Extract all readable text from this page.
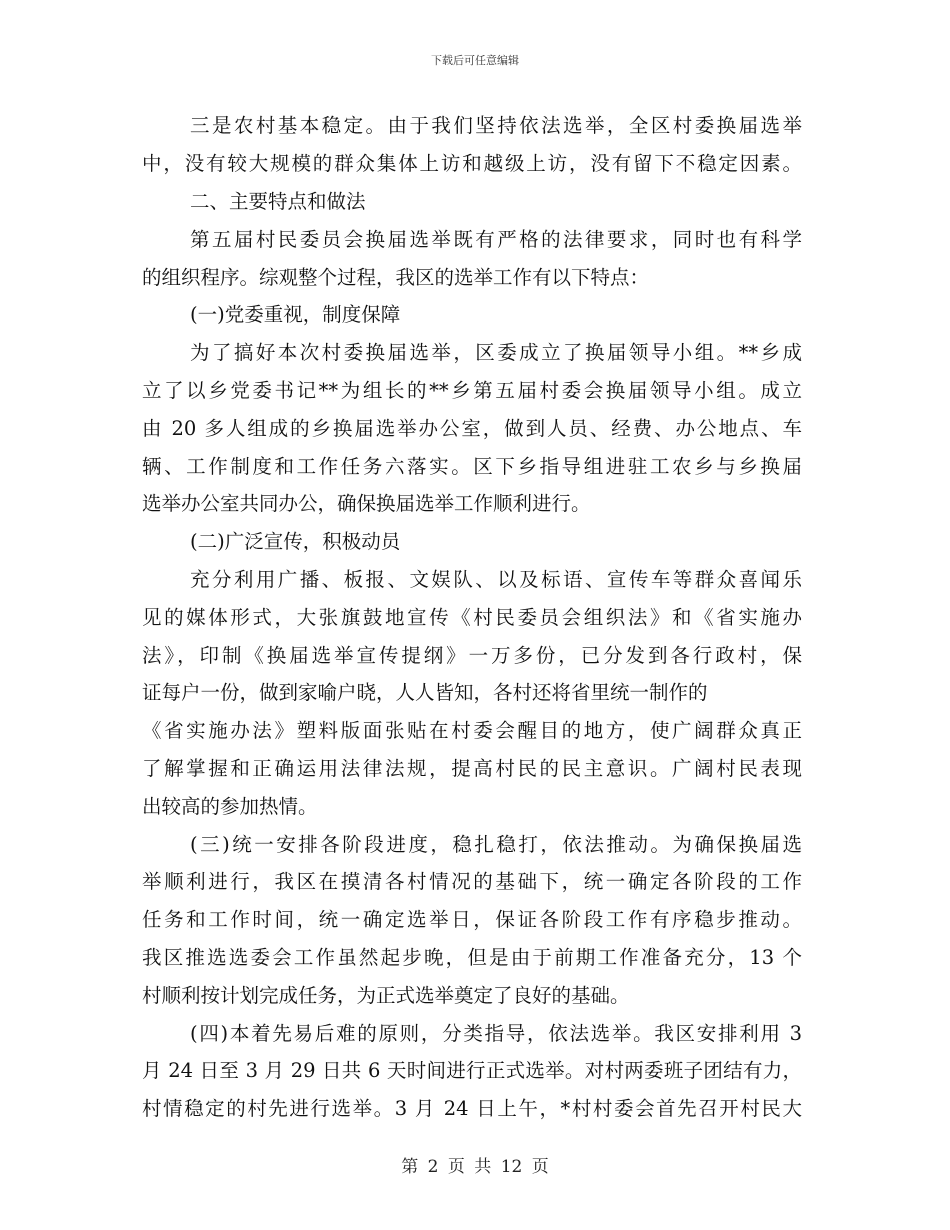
下载后可任意编辑
三是农村基本稳定。由于我们坚持依法选举，全区村委换届选举
中，没有较大规模的群众集体上访和越级上访，没有留下不稳定因素。
二、主要特点和做法
第五届村民委员会换届选举既有严格的法律要求，同时也有科学
的组织程序。综观整个过程，我区的选举工作有以下特点：
(一)党委重视，制度保障
为了搞好本次村委换届选举，区委成立了换届领导小组。**乡成
立了以乡党委书记**为组长的**乡第五届村委会换届领导小组。成立
由 20 多人组成的乡换届选举办公室，做到人员、经费、办公地点、车
辆、工作制度和工作任务六落实。区下乡指导组进驻工农乡与乡换届
选举办公室共同办公，确保换届选举工作顺利进行。
(二)广泛宣传，积极动员
充分利用广播、板报、文娱队、以及标语、宣传车等群众喜闻乐
见的媒体形式，大张旗鼓地宣传《村民委员会组织法》和《省实施办
法》，印制《换届选举宣传提纲》一万多份，已分发到各行政村，保
证每户一份，做到家喻户晓，人人皆知，各村还将省里统一制作的
《省实施办法》塑料版面张贴在村委会醒目的地方，使广阔群众真正
了解掌握和正确运用法律法规，提高村民的民主意识。广阔村民表现
出较高的参加热情。
(三)统一安排各阶段进度，稳扎稳打，依法推动。为确保换届选
举顺利进行，我区在摸清各村情况的基础下，统一确定各阶段的工作
任务和工作时间，统一确定选举日，保证各阶段工作有序稳步推动。
我区推选选委会工作虽然起步晚，但是由于前期工作准备充分，13 个
村顺利按计划完成任务，为正式选举奠定了良好的基础。
(四)本着先易后难的原则，分类指导，依法选举。我区安排利用 3
月 24 日至 3 月 29 日共 6 天时间进行正式选举。对村两委班子团结有力，
村情稳定的村先进行选举。3 月 24 日上午，*村村委会首先召开村民大
第 2 页 共 12 页
